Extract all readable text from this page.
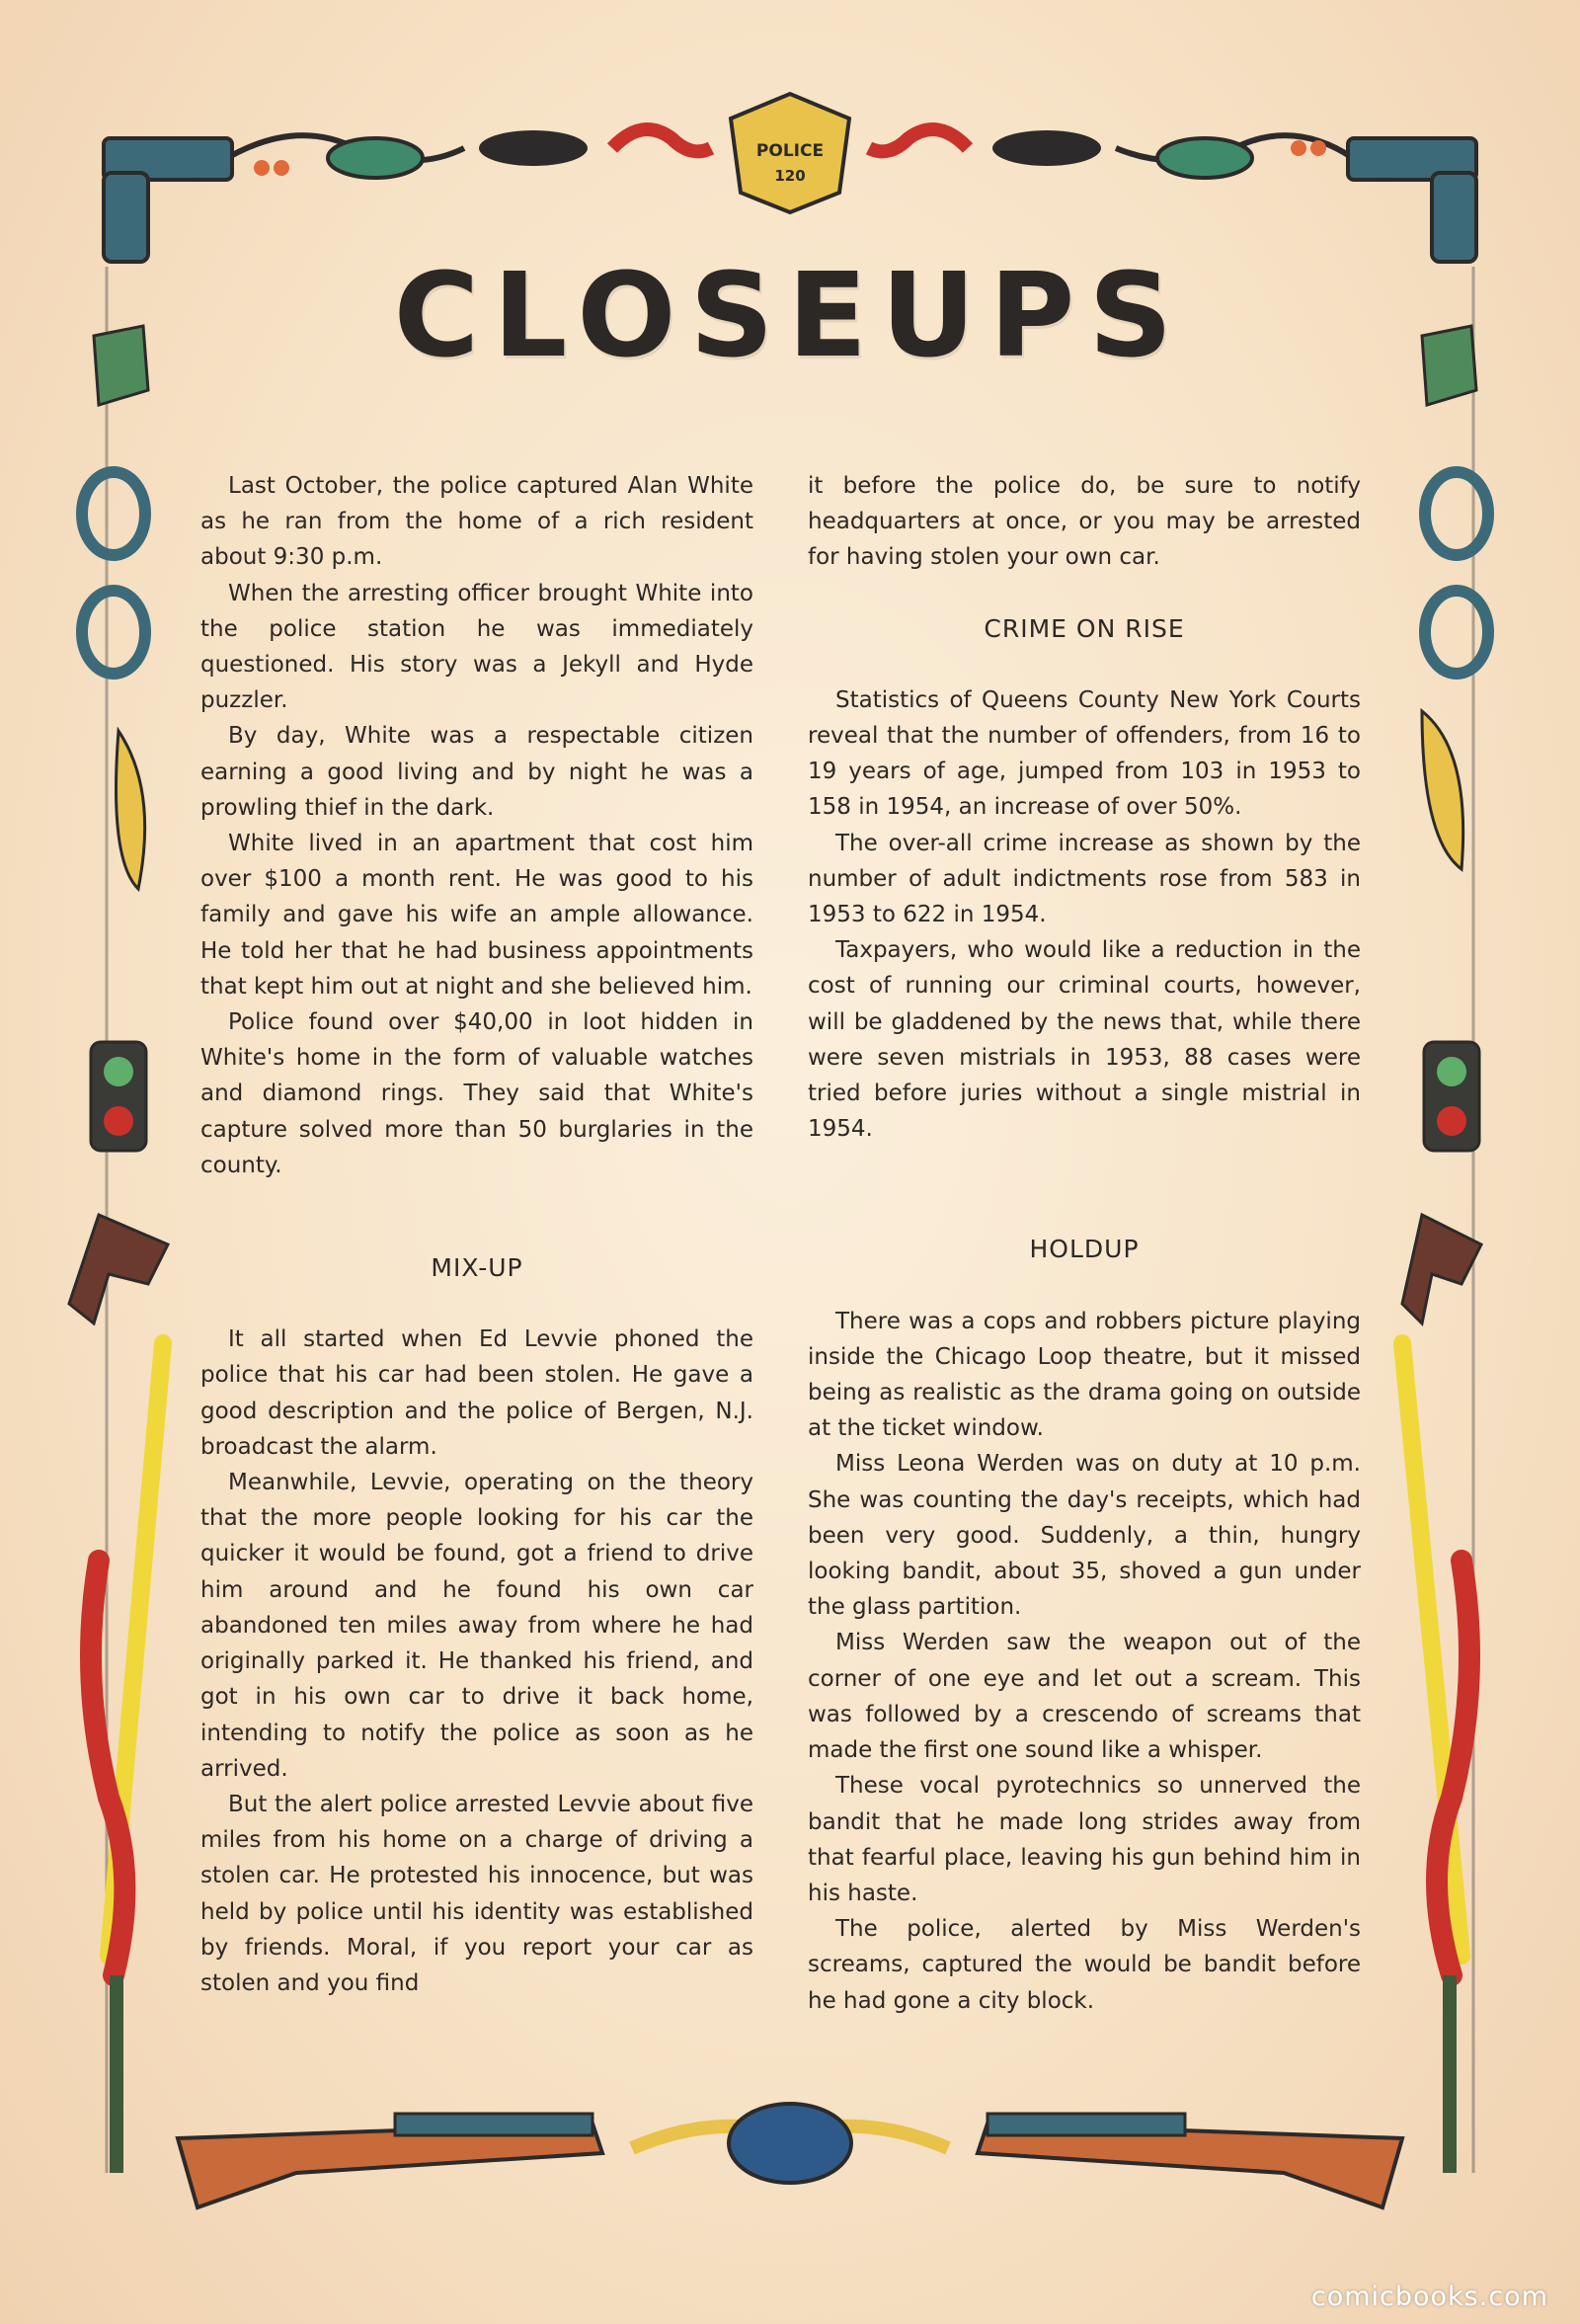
POLICE
120
CLOSEUPS

Last October, the police captured Alan White as he ran from the home of a rich resident about 9:30 p.m.

When the arresting officer brought White into the police station he was immediately questioned. His story was a Jekyll and Hyde puzzler.

By day, White was a respectable citizen earning a good living and by night he was a prowling thief in the dark.

White lived in an apartment that cost him over $100 a month rent. He was good to his family and gave his wife an ample allowance. He told her that he had business appointments that kept him out at night and she believed him.

Police found over $40,00 in loot hidden in White's home in the form of valuable watches and diamond rings. They said that White's capture solved more than 50 burglaries in the county.

MIX-UP

It all started when Ed Levvie phoned the police that his car had been stolen. He gave a good description and the police of Bergen, N.J. broadcast the alarm.

Meanwhile, Levvie, operating on the theory that the more people looking for his car the quicker it would be found, got a friend to drive him around and he found his own car abandoned ten miles away from where he had originally parked it. He thanked his friend, and got in his own car to drive it back home, intending to notify the police as soon as he arrived.

But the alert police arrested Levvie about five miles from his home on a charge of driving a stolen car. He protested his innocence, but was held by police until his identity was established by friends. Moral, if you report your car as stolen and you find

it before the police do, be sure to notify headquarters at once, or you may be arrested for having stolen your own car.

CRIME ON RISE

Statistics of Queens County New York Courts reveal that the number of offenders, from 16 to 19 years of age, jumped from 103 in 1953 to 158 in 1954, an increase of over 50%.

The over-all crime increase as shown by the number of adult indictments rose from 583 in 1953 to 622 in 1954.

Taxpayers, who would like a reduction in the cost of running our criminal courts, however, will be gladdened by the news that, while there were seven mistrials in 1953, 88 cases were tried before juries without a single mistrial in 1954.

HOLDUP

There was a cops and robbers picture playing inside the Chicago Loop theatre, but it missed being as realistic as the drama going on outside at the ticket window.

Miss Leona Werden was on duty at 10 p.m. She was counting the day's receipts, which had been very good. Suddenly, a thin, hungry looking bandit, about 35, shoved a gun under the glass partition.

Miss Werden saw the weapon out of the corner of one eye and let out a scream. This was followed by a crescendo of screams that made the first one sound like a whisper.

These vocal pyrotechnics so unnerved the bandit that he made long strides away from that fearful place, leaving his gun behind him in his haste.

The police, alerted by Miss Werden's screams, captured the would be bandit before he had gone a city block.

comicbooks.com
